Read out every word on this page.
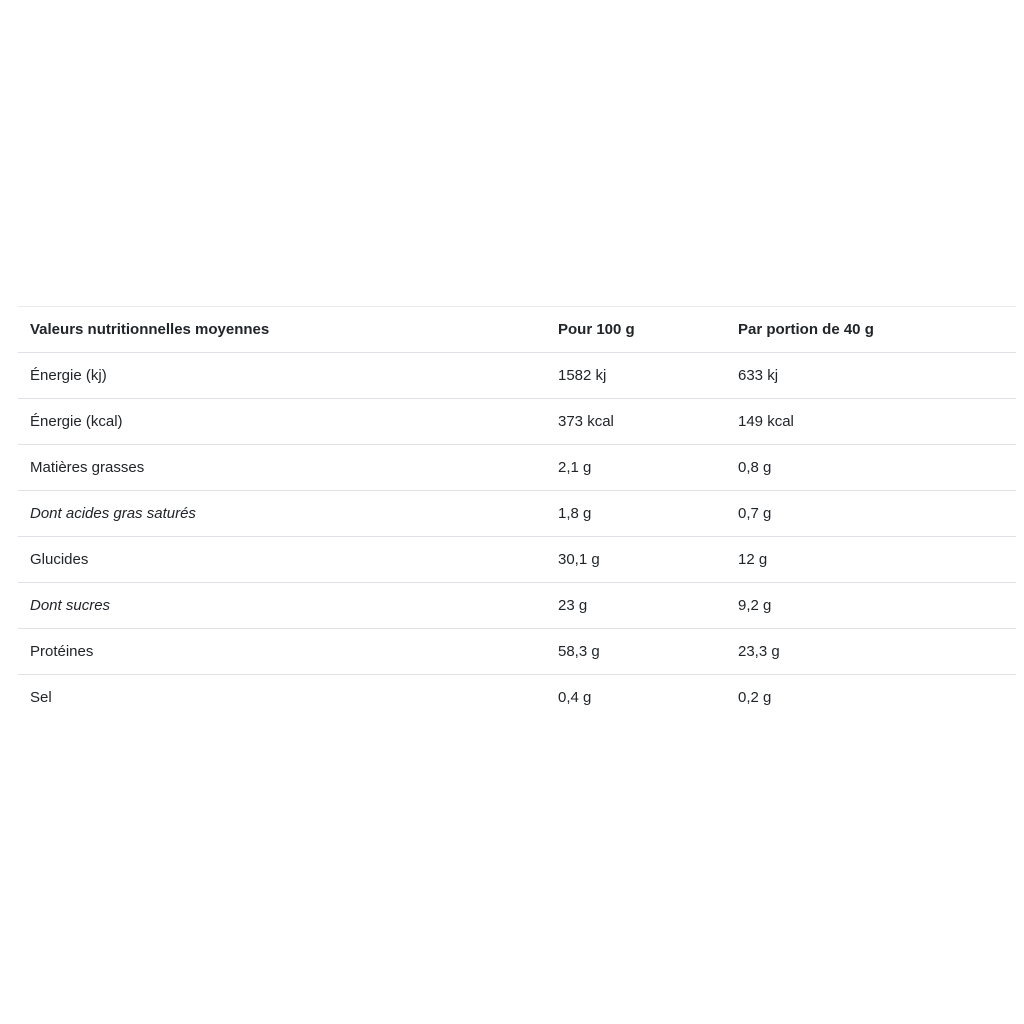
Valeurs nutritionnelles moyennes	Pour 100 g	Par portion de 40 g
Énergie (kj)	1582 kj	633 kj
Énergie (kcal)	373 kcal	149 kcal
Matières grasses	2,1 g	0,8 g
Dont acides gras saturés	1,8 g	0,7 g
Glucides	30,1 g	12 g
Dont sucres	23 g	9,2 g
Protéines	58,3 g	23,3 g
Sel	0,4 g	0,2 g
